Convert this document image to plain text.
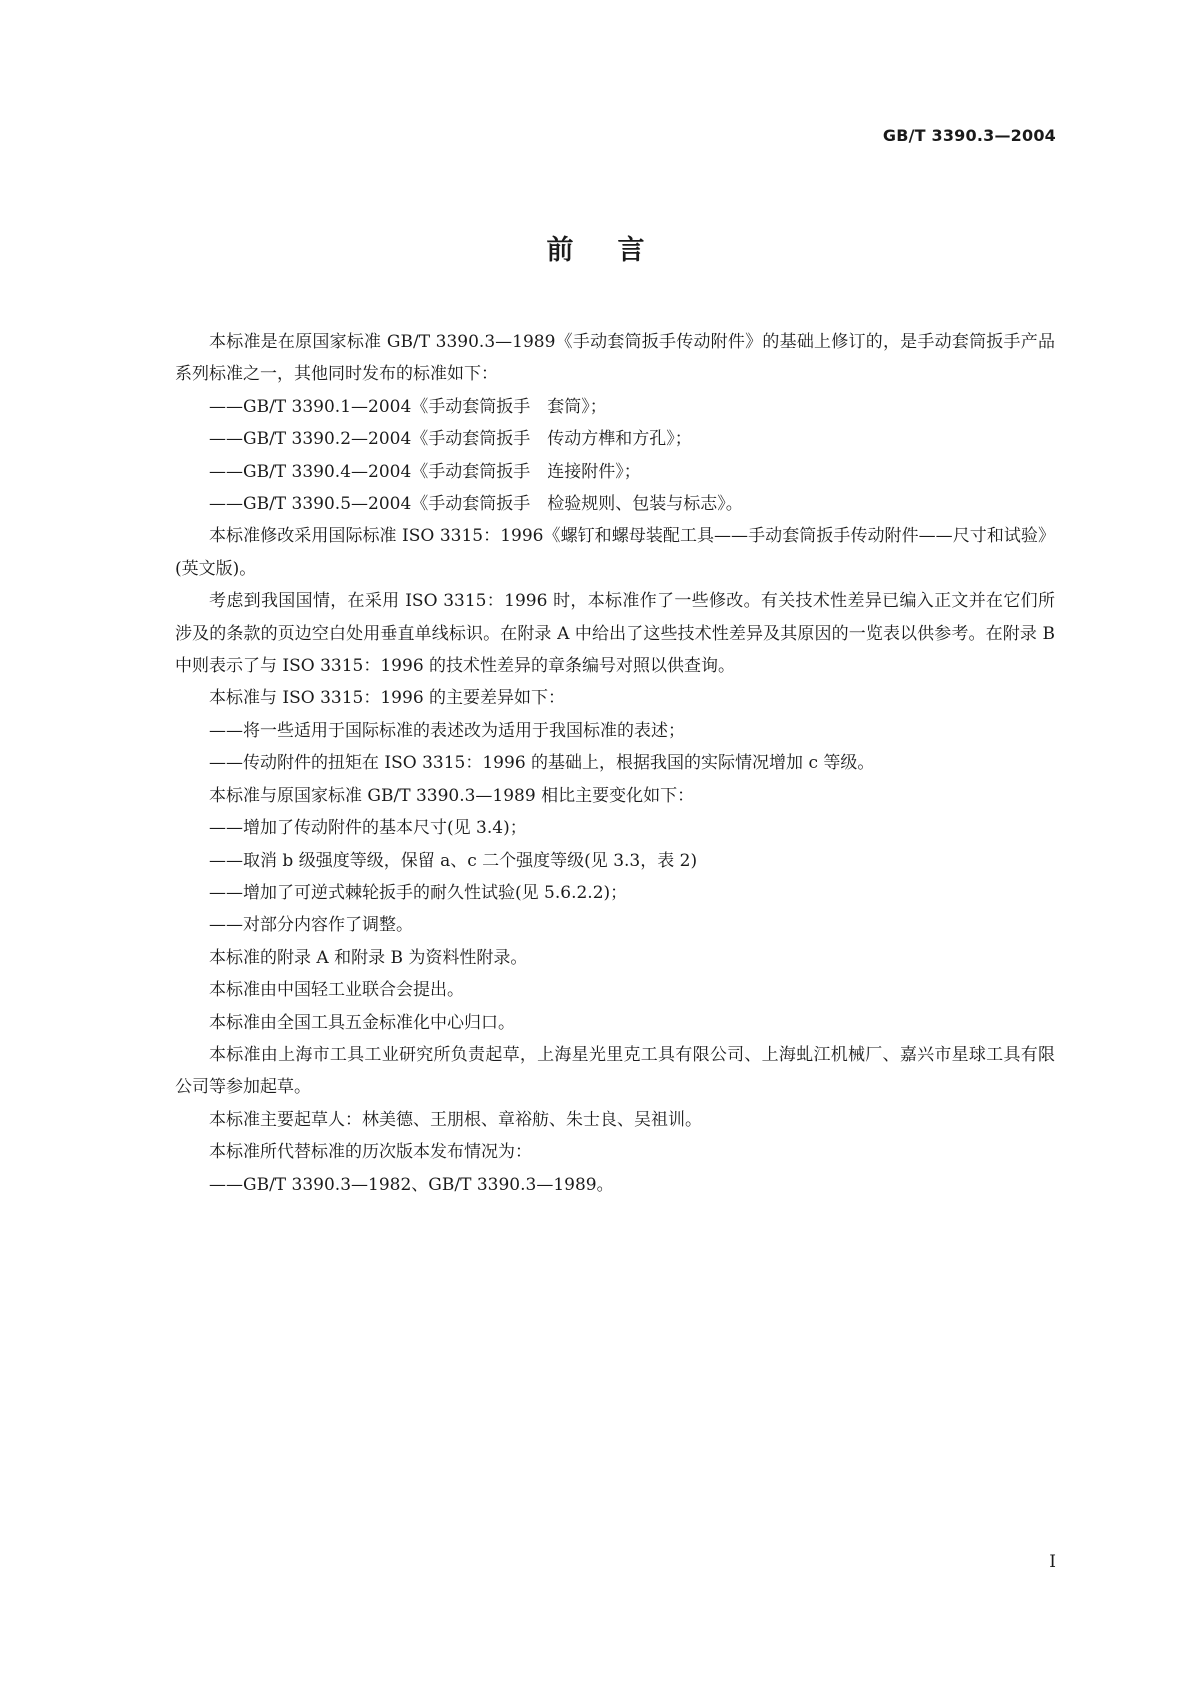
GB/T 3390.3—2004
前言

本标准是在原国家标准 GB/T 3390.3—1989《手动套筒扳手传动附件》的基础上修订的，是手动套筒扳手产品系列标准之一，其他同时发布的标准如下：

——GB/T 3390.1—2004《手动套筒扳手　套筒》；

——GB/T 3390.2—2004《手动套筒扳手　传动方榫和方孔》；

——GB/T 3390.4—2004《手动套筒扳手　连接附件》；

——GB/T 3390.5—2004《手动套筒扳手　检验规则、包装与标志》。

本标准修改采用国际标准 ISO 3315：1996《螺钉和螺母装配工具——手动套筒扳手传动附件——尺寸和试验》(英文版)。

考虑到我国国情，在采用 ISO 3315：1996 时，本标准作了一些修改。有关技术性差异已编入正文并在它们所涉及的条款的页边空白处用垂直单线标识。在附录 A 中给出了这些技术性差异及其原因的一览表以供参考。在附录 B 中则表示了与 ISO 3315：1996 的技术性差异的章条编号对照以供查询。

本标准与 ISO 3315：1996 的主要差异如下：

——将一些适用于国际标准的表述改为适用于我国标准的表述；

——传动附件的扭矩在 ISO 3315：1996 的基础上，根据我国的实际情况增加 c 等级。

本标准与原国家标准 GB/T 3390.3—1989 相比主要变化如下：

——增加了传动附件的基本尺寸(见 3.4)；

——取消 b 级强度等级，保留 a、c 二个强度等级(见 3.3，表 2)

——增加了可逆式棘轮扳手的耐久性试验(见 5.6.2.2)；

——对部分内容作了调整。

本标准的附录 A 和附录 B 为资料性附录。

本标准由中国轻工业联合会提出。

本标准由全国工具五金标准化中心归口。

本标准由上海市工具工业研究所负责起草，上海星光里克工具有限公司、上海虬江机械厂、嘉兴市星球工具有限公司等参加起草。

本标准主要起草人：林美德、王朋根、章裕舫、朱士良、吴祖训。

本标准所代替标准的历次版本发布情况为：

——GB/T 3390.3—1982、GB/T 3390.3—1989。

I
